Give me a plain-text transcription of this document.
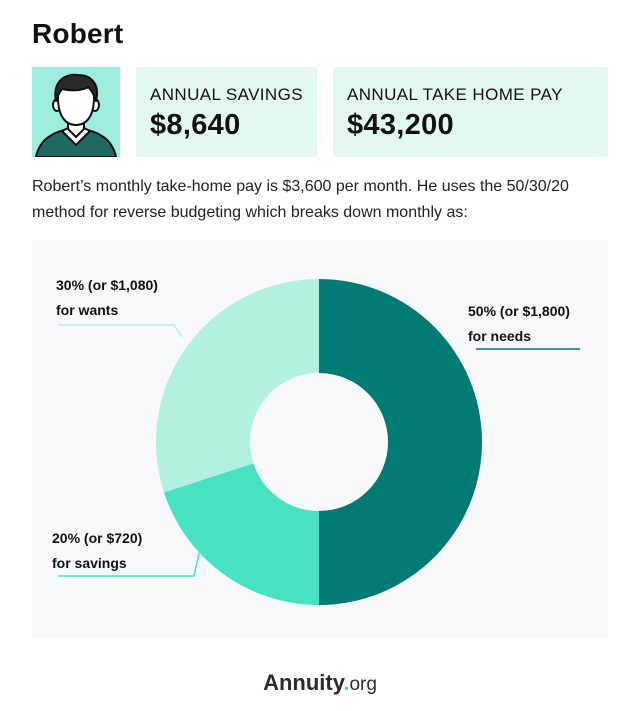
Robert
ANNUAL SAVINGS
$8,640
ANNUAL TAKE HOME PAY
$43,200
Robert’s monthly take-home pay is $3,600 per month. He uses the 50/30/20 method for reverse budgeting which breaks down monthly as:
50% (or $1,800)
for needs
20% (or $720)
for savings
30% (or $1,080)
for wants
Annuity.org
